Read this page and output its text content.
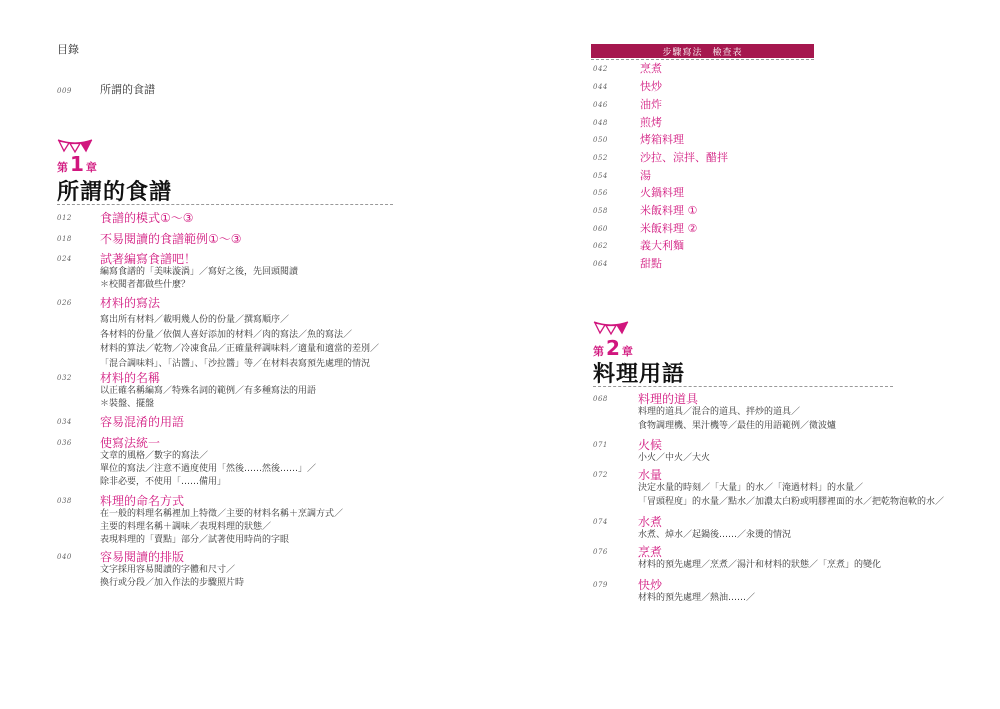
目錄
009	所謂的食譜
第 1 章
所謂的食譜
012 食譜的模式①～③
018 不易閱讀的食譜範例①～③
024 試著編寫食譜吧！
編寫食譜的「美味漩渦」／寫好之後，先回頭閱讀
＊校閱者都做些什麼？
026 材料的寫法
寫出所有材料／載明幾人份的份量／撰寫順序／
各材料的份量／依個人喜好添加的材料／肉的寫法／魚的寫法／
材料的算法／乾物／冷凍食品／正確量秤調味料／適量和適當的差別／
「混合調味料」、「沾醬」、「沙拉醬」等／在材料表寫預先處理的情況
032 材料的名稱
以正確名稱編寫／特殊名詞的範例／有多種寫法的用語
＊裝盤、擺盤
034 容易混淆的用語
036 使寫法統一
文章的風格／數字的寫法／
單位的寫法／注意不過度使用「然後……然後……」／
除非必要，不使用「……備用」
038 料理的命名方式
在一般的料理名稱裡加上特徵／主要的材料名稱＋烹調方式／
主要的料理名稱＋調味／表現料理的狀態／
表現料理的「賣點」部分／試著使用時尚的字眼
040 容易閱讀的排版
文字採用容易閱讀的字體和尺寸／
換行或分段／加入作法的步驟照片時
步驟寫法　檢查表
042	烹煮
044	快炒
046	油炸
048	煎烤
050	烤箱料理
052	沙拉、涼拌、醋拌
054	湯
056	火鍋料理
058	米飯料理 ①
060	米飯料理 ②
062	義大利麵
064	甜點
第 2 章
料理用語
068	料理的道具
料理的道具／混合的道具、拌炒的道具／
食物調理機、果汁機等／最佳的用語範例／微波爐
071	火候
小火／中火／大火
072	水量
決定水量的時刻／「大量」的水／「淹過材料」的水量／
「冒頭程度」的水量／點水／加濃太白粉或明膠裡面的水／把乾物泡軟的水／
074	水煮
水煮、焯水／起鍋後……／汆燙的情況
076	烹煮
材料的預先處理／烹煮／湯汁和材料的狀態／「烹煮」的變化
079	快炒
材料的預先處理／熱油……／
